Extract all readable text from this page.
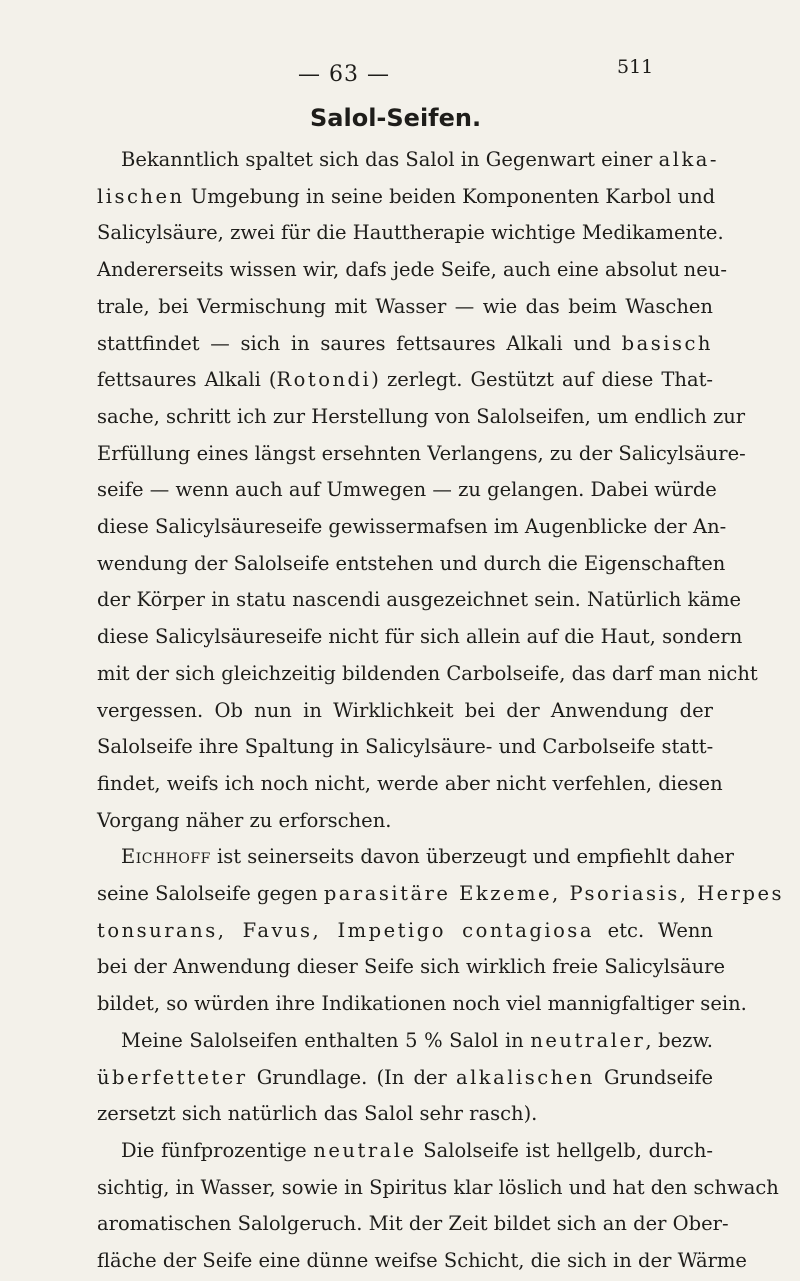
— 63 —	511
Salol-Seifen.
Bekanntlich spaltet sich das Salol in Gegenwart einer alka-
lischen Umgebung in seine beiden Komponenten Karbol und
Salicylsäure, zwei für die Hauttherapie wichtige Medikamente.
Andererseits wissen wir, dafs jede Seife, auch eine absolut neu-
trale, bei Vermischung mit Wasser — wie das beim Waschen
stattfindet — sich in saures fettsaures Alkali und basisch
fettsaures Alkali (Rotondi) zerlegt. Gestützt auf diese That-
sache, schritt ich zur Herstellung von Salolseifen, um endlich zur
Erfüllung eines längst ersehnten Verlangens, zu der Salicylsäure-
seife — wenn auch auf Umwegen — zu gelangen. Dabei würde
diese Salicylsäureseife gewissermafsen im Augenblicke der An-
wendung der Salolseife entstehen und durch die Eigenschaften
der Körper in statu nascendi ausgezeichnet sein. Natürlich käme
diese Salicylsäureseife nicht für sich allein auf die Haut, sondern
mit der sich gleichzeitig bildenden Carbolseife, das darf man nicht
vergessen. Ob nun in Wirklichkeit bei der Anwendung der
Salolseife ihre Spaltung in Salicylsäure- und Carbolseife statt-
findet, weifs ich noch nicht, werde aber nicht verfehlen, diesen
Vorgang näher zu erforschen.
Eichhoff ist seinerseits davon überzeugt und empfiehlt daher
seine Salolseife gegen parasitäre Ekzeme, Psoriasis, Herpes
tonsurans, Favus, Impetigo contagiosa etc. Wenn
bei der Anwendung dieser Seife sich wirklich freie Salicylsäure
bildet, so würden ihre Indikationen noch viel mannigfaltiger sein.
Meine Salolseifen enthalten 5 % Salol in neutraler, bezw.
überfetteter Grundlage. (In der alkalischen Grundseife
zersetzt sich natürlich das Salol sehr rasch).
Die fünfprozentige neutrale Salolseife ist hellgelb, durch-
sichtig, in Wasser, sowie in Spiritus klar löslich und hat den schwach
aromatischen Salolgeruch. Mit der Zeit bildet sich an der Ober-
fläche der Seife eine dünne weifse Schicht, die sich in der Wärme
